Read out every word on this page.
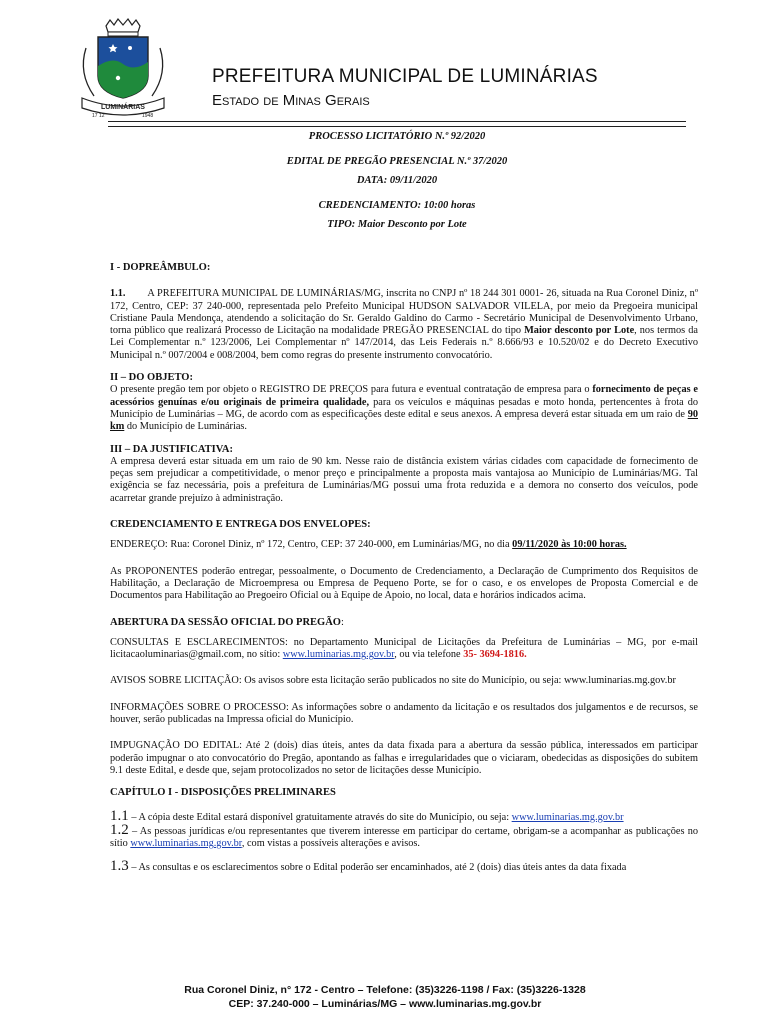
LUMINÁRIAS
17 12	1948
PREFEITURA MUNICIPAL DE LUMINÁRIAS
Estado de Minas Gerais

PROCESSO LICITATÓRIO N.º 92/2020

EDITAL DE PREGÃO PRESENCIAL N.º 37/2020

DATA: 09/11/2020

CREDENCIAMENTO: 10:00 horas

TIPO: Maior Desconto por Lote

I - DOPREÂMBULO:

1.1. A PREFEITURA MUNICIPAL DE LUMINÁRIAS/MG, inscrita no CNPJ nº 18 244 301 0001- 26, situada na Rua Coronel Diniz, nº 172, Centro, CEP: 37 240-000, representada pelo Prefeito Municipal HUDSON SALVADOR VILELA, por meio da Pregoeira municipal Cristiane Paula Mendonça, atendendo a solicitação do Sr. Geraldo Galdino do Carmo - Secretário Municipal de Desenvolvimento Urbano, torna público que realizará Processo de Licitação na modalidade PREGÃO PRESENCIAL do tipo Maior desconto por Lote, nos termos da Lei Complementar n.º 123/2006, Lei Complementar nº 147/2014, das Leis Federais n.º 8.666/93 e 10.520/02 e do Decreto Executivo Municipal n.º 007/2004 e 008/2004, bem como regras do presente instrumento convocatório.

II – DO OBJETO:

O presente pregão tem por objeto o REGISTRO DE PREÇOS para futura e eventual contratação de empresa para o fornecimento de peças e acessórios genuínas e/ou originais de primeira qualidade, para os veículos e máquinas pesadas e moto honda, pertencentes à frota do Município de Luminárias – MG, de acordo com as especificações deste edital e seus anexos. A empresa deverá estar situada em um raio de 90 km do Município de Luminárias.

III – DA JUSTIFICATIVA:

A empresa deverá estar situada em um raio de 90 km. Nesse raio de distância existem várias cidades com capacidade de fornecimento de peças sem prejudicar a competitividade, o menor preço e principalmente a proposta mais vantajosa ao Município de Luminárias/MG. Tal exigência se faz necessária, pois a prefeitura de Luminárias/MG possui uma frota reduzida e a demora no conserto dos veículos, pode acarretar grande prejuízo à administração.

CREDENCIAMENTO E ENTREGA DOS ENVELOPES:

ENDEREÇO: Rua: Coronel Diniz, nº 172, Centro, CEP: 37 240-000, em Luminárias/MG, no dia 09/11/2020 às 10:00 horas.

As PROPONENTES poderão entregar, pessoalmente, o Documento de Credenciamento, a Declaração de Cumprimento dos Requisitos de Habilitação, a Declaração de Microempresa ou Empresa de Pequeno Porte, se for o caso, e os envelopes de Proposta Comercial e de Documentos para Habilitação ao Pregoeiro Oficial ou à Equipe de Apoio, no local, data e horários indicados acima.

ABERTURA DA SESSÃO OFICIAL DO PREGÃO:

CONSULTAS E ESCLARECIMENTOS: no Departamento Municipal de Licitações da Prefeitura de Luminárias – MG, por e-mail licitacaoluminarias@gmail.com, no sítio: www.luminarias.mg.gov.br, ou via telefone 35- 3694-1816.

AVISOS SOBRE LICITAÇÃO: Os avisos sobre esta licitação serão publicados no site do Município, ou seja: www.luminarias.mg.gov.br

INFORMAÇÕES SOBRE O PROCESSO: As informações sobre o andamento da licitação e os resultados dos julgamentos e de recursos, se houver, serão publicadas na Impressa oficial do Município.

IMPUGNAÇÃO DO EDITAL: Até 2 (dois) dias úteis, antes da data fixada para a abertura da sessão pública, interessados em participar poderão impugnar o ato convocatório do Pregão, apontando as falhas e irregularidades que o viciaram, obedecidas as disposições do subitem 9.1 deste Edital, e desde que, sejam protocolizados no setor de licitações desse Município.

CAPÍTULO I - DISPOSIÇÕES PRELIMINARES

1.1 – A cópia deste Edital estará disponível gratuitamente através do site do Município, ou seja: www.luminarias.mg.gov.br

1.2 – As pessoas jurídicas e/ou representantes que tiverem interesse em participar do certame, obrigam-se a acompanhar as publicações no sítio www.luminarias.mg.gov.br, com vistas a possíveis alterações e avisos.

1.3 – As consultas e os esclarecimentos sobre o Edital poderão ser encaminhados, até 2 (dois) dias úteis antes da data fixada

Rua Coronel Diniz, n° 172 - Centro – Telefone: (35)3226-1198 / Fax: (35)3226-1328

CEP: 37.240-000 – Luminárias/MG – www.luminarias.mg.gov.br
